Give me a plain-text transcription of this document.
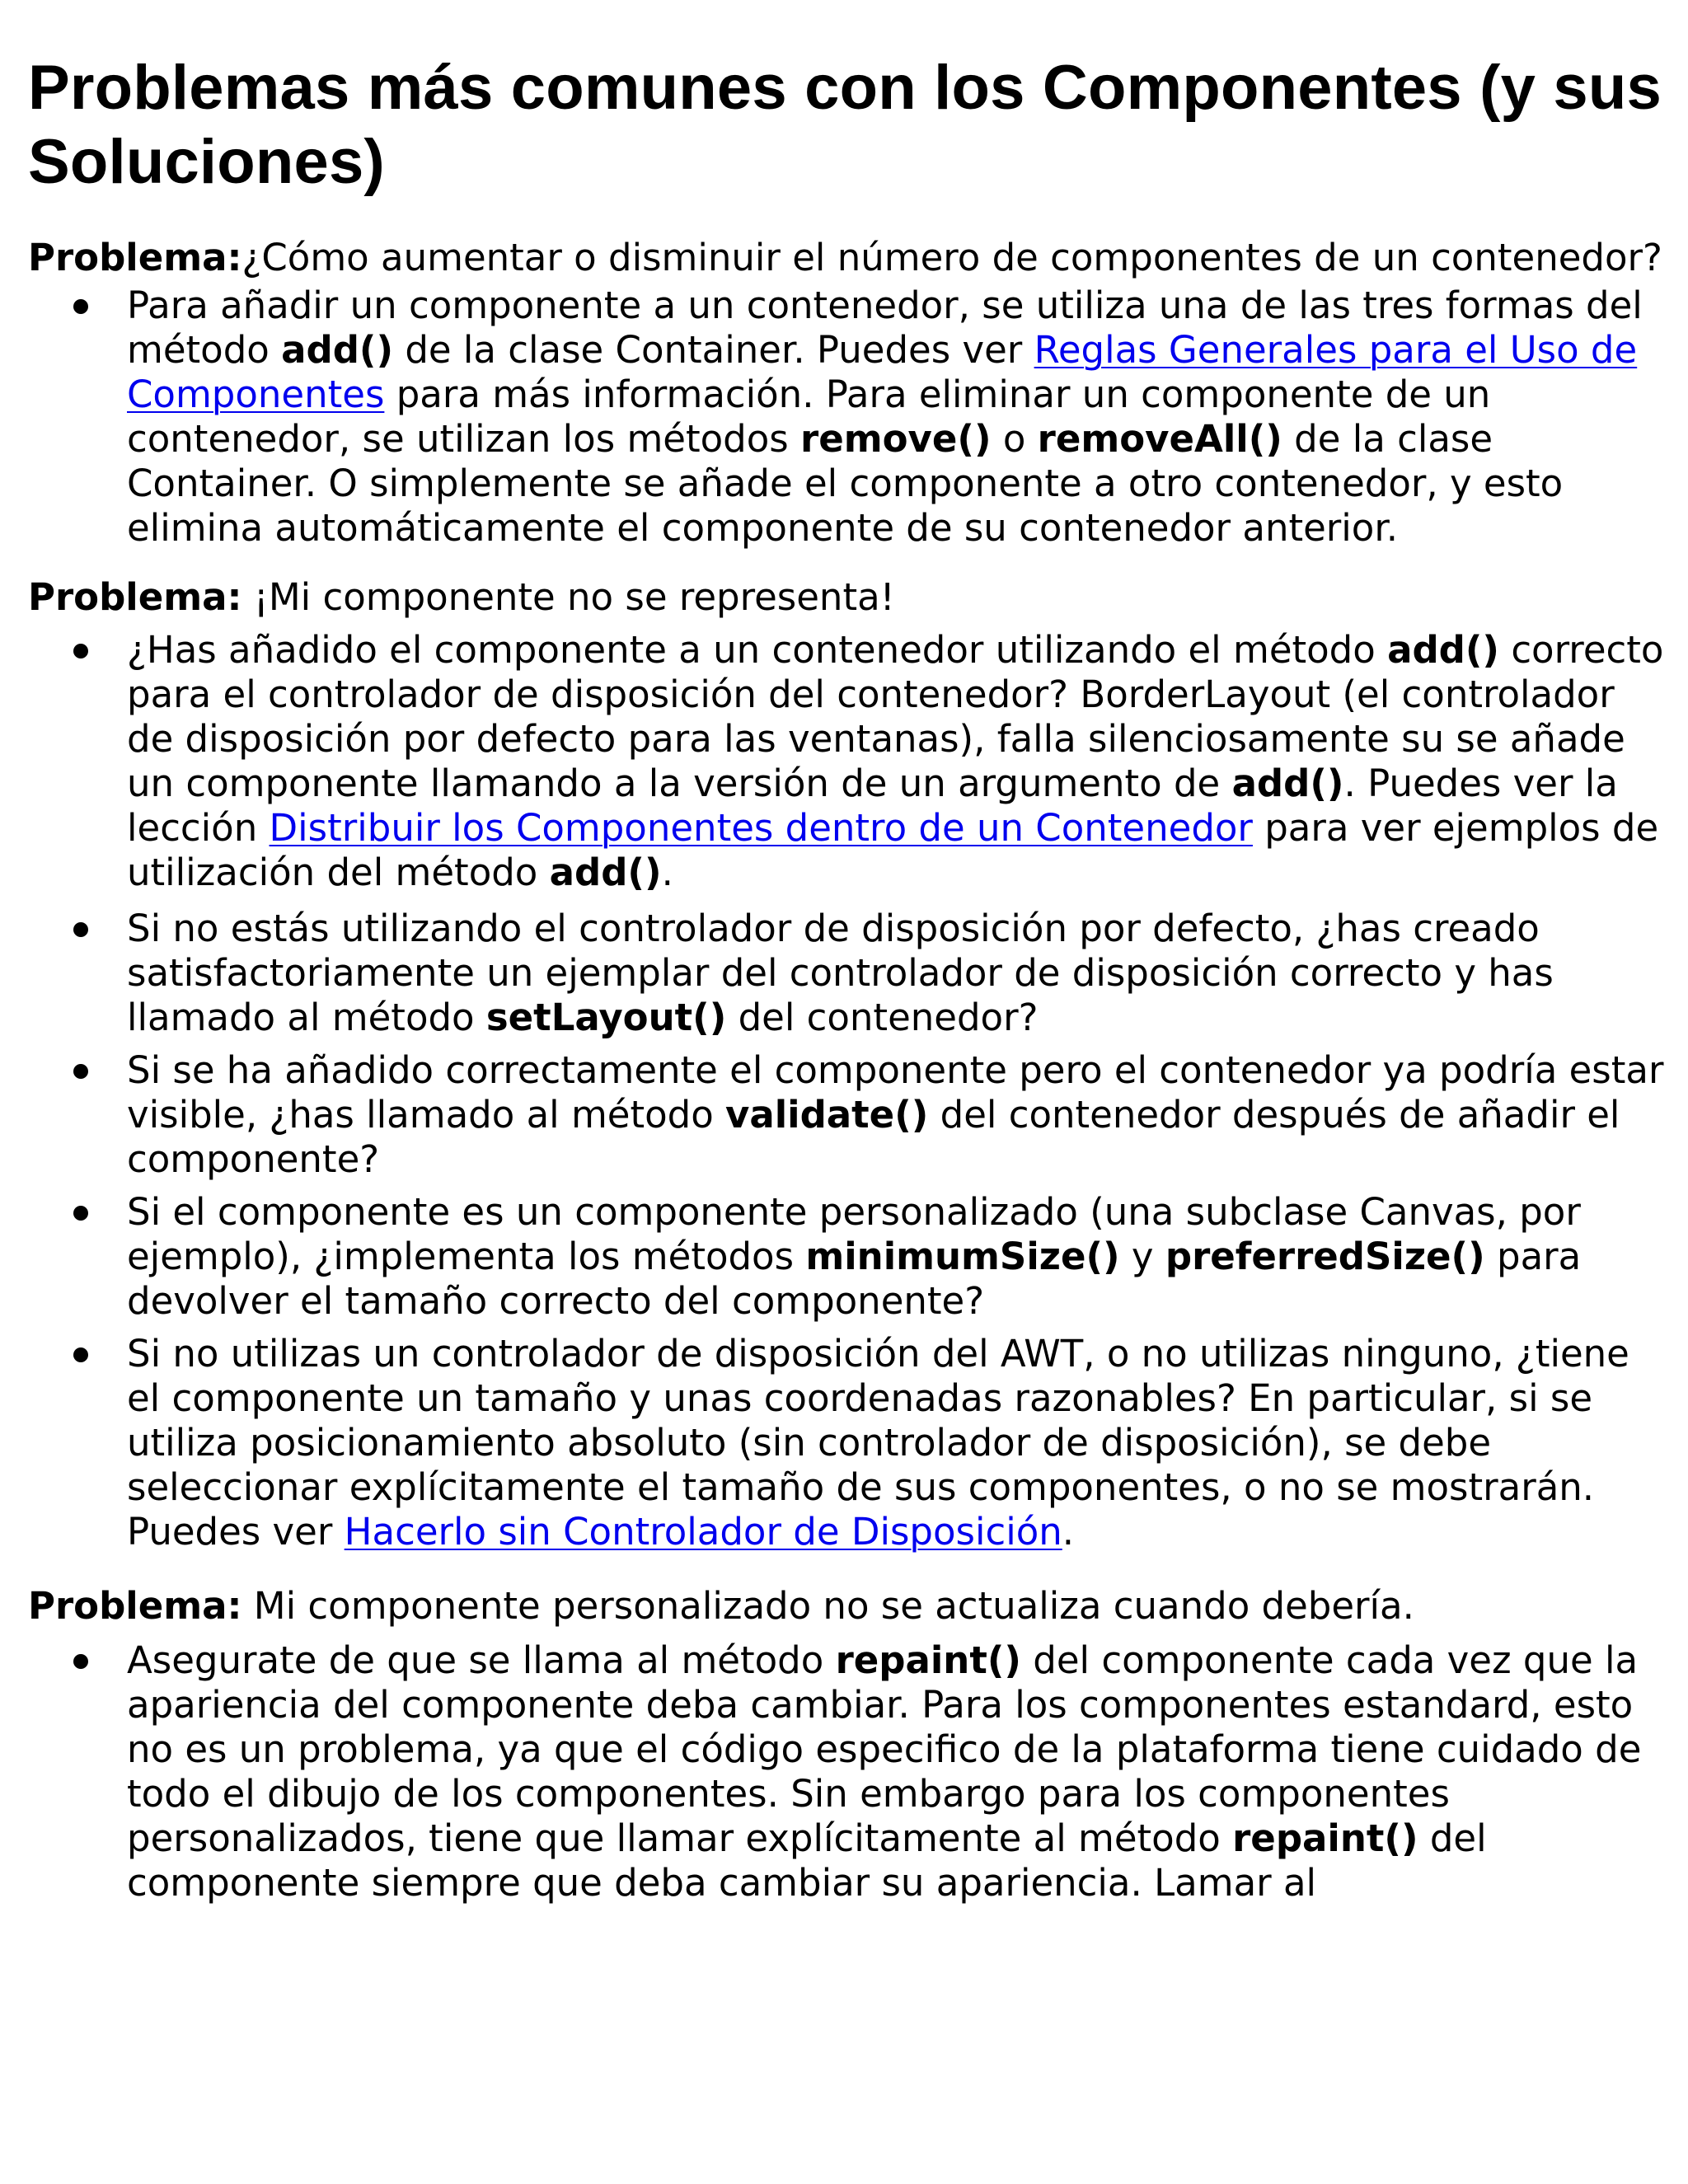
Problemas más comunes con los Componentes (y sus Soluciones)

Problema:¿Cómo aumentar o disminuir el número de componentes de un contenedor?

Para añadir un componente a un contenedor, se utiliza una de las tres formas del método add() de la clase Container. Puedes ver Reglas Generales para el Uso de Componentes para más información. Para eliminar un componente de un contenedor, se utilizan los métodos remove() o removeAll() de la clase Container. O simplemente se añade el componente a otro contenedor, y esto elimina automáticamente el componente de su contenedor anterior.

Problema: ¡Mi componente no se representa!

¿Has añadido el componente a un contenedor utilizando el método add() correcto para el controlador de disposición del contenedor? BorderLayout (el controlador de disposición por defecto para las ventanas), falla silenciosamente su se añade un componente llamando a la versión de un argumento de add(). Puedes ver la lección Distribuir los Componentes dentro de un Contenedor para ver ejemplos de utilización del método add().
Si no estás utilizando el controlador de disposición por defecto, ¿has creado satisfactoriamente un ejemplar del controlador de disposición correcto y has llamado al método setLayout() del contenedor?
Si se ha añadido correctamente el componente pero el contenedor ya podría estar visible, ¿has llamado al método validate() del contenedor después de añadir el componente?
Si el componente es un componente personalizado (una subclase Canvas, por ejemplo), ¿implementa los métodos minimumSize() y preferredSize() para devolver el tamaño correcto del componente?
Si no utilizas un controlador de disposición del AWT, o no utilizas ninguno, ¿tiene el componente un tamaño y unas coordenadas razonables? En particular, si se utiliza posicionamiento absoluto (sin controlador de disposición), se debe seleccionar explícitamente el tamaño de sus componentes, o no se mostrarán. Puedes ver Hacerlo sin Controlador de Disposición.

Problema: Mi componente personalizado no se actualiza cuando debería.

Asegurate de que se llama al método repaint() del componente cada vez que la apariencia del componente deba cambiar. Para los componentes estandard, esto no es un problema, ya que el código especifico de la plataforma tiene cuidado de todo el dibujo de los componentes. Sin embargo para los componentes personalizados, tiene que llamar explícitamente al método repaint() del componente siempre que deba cambiar su apariencia. Lamar al
